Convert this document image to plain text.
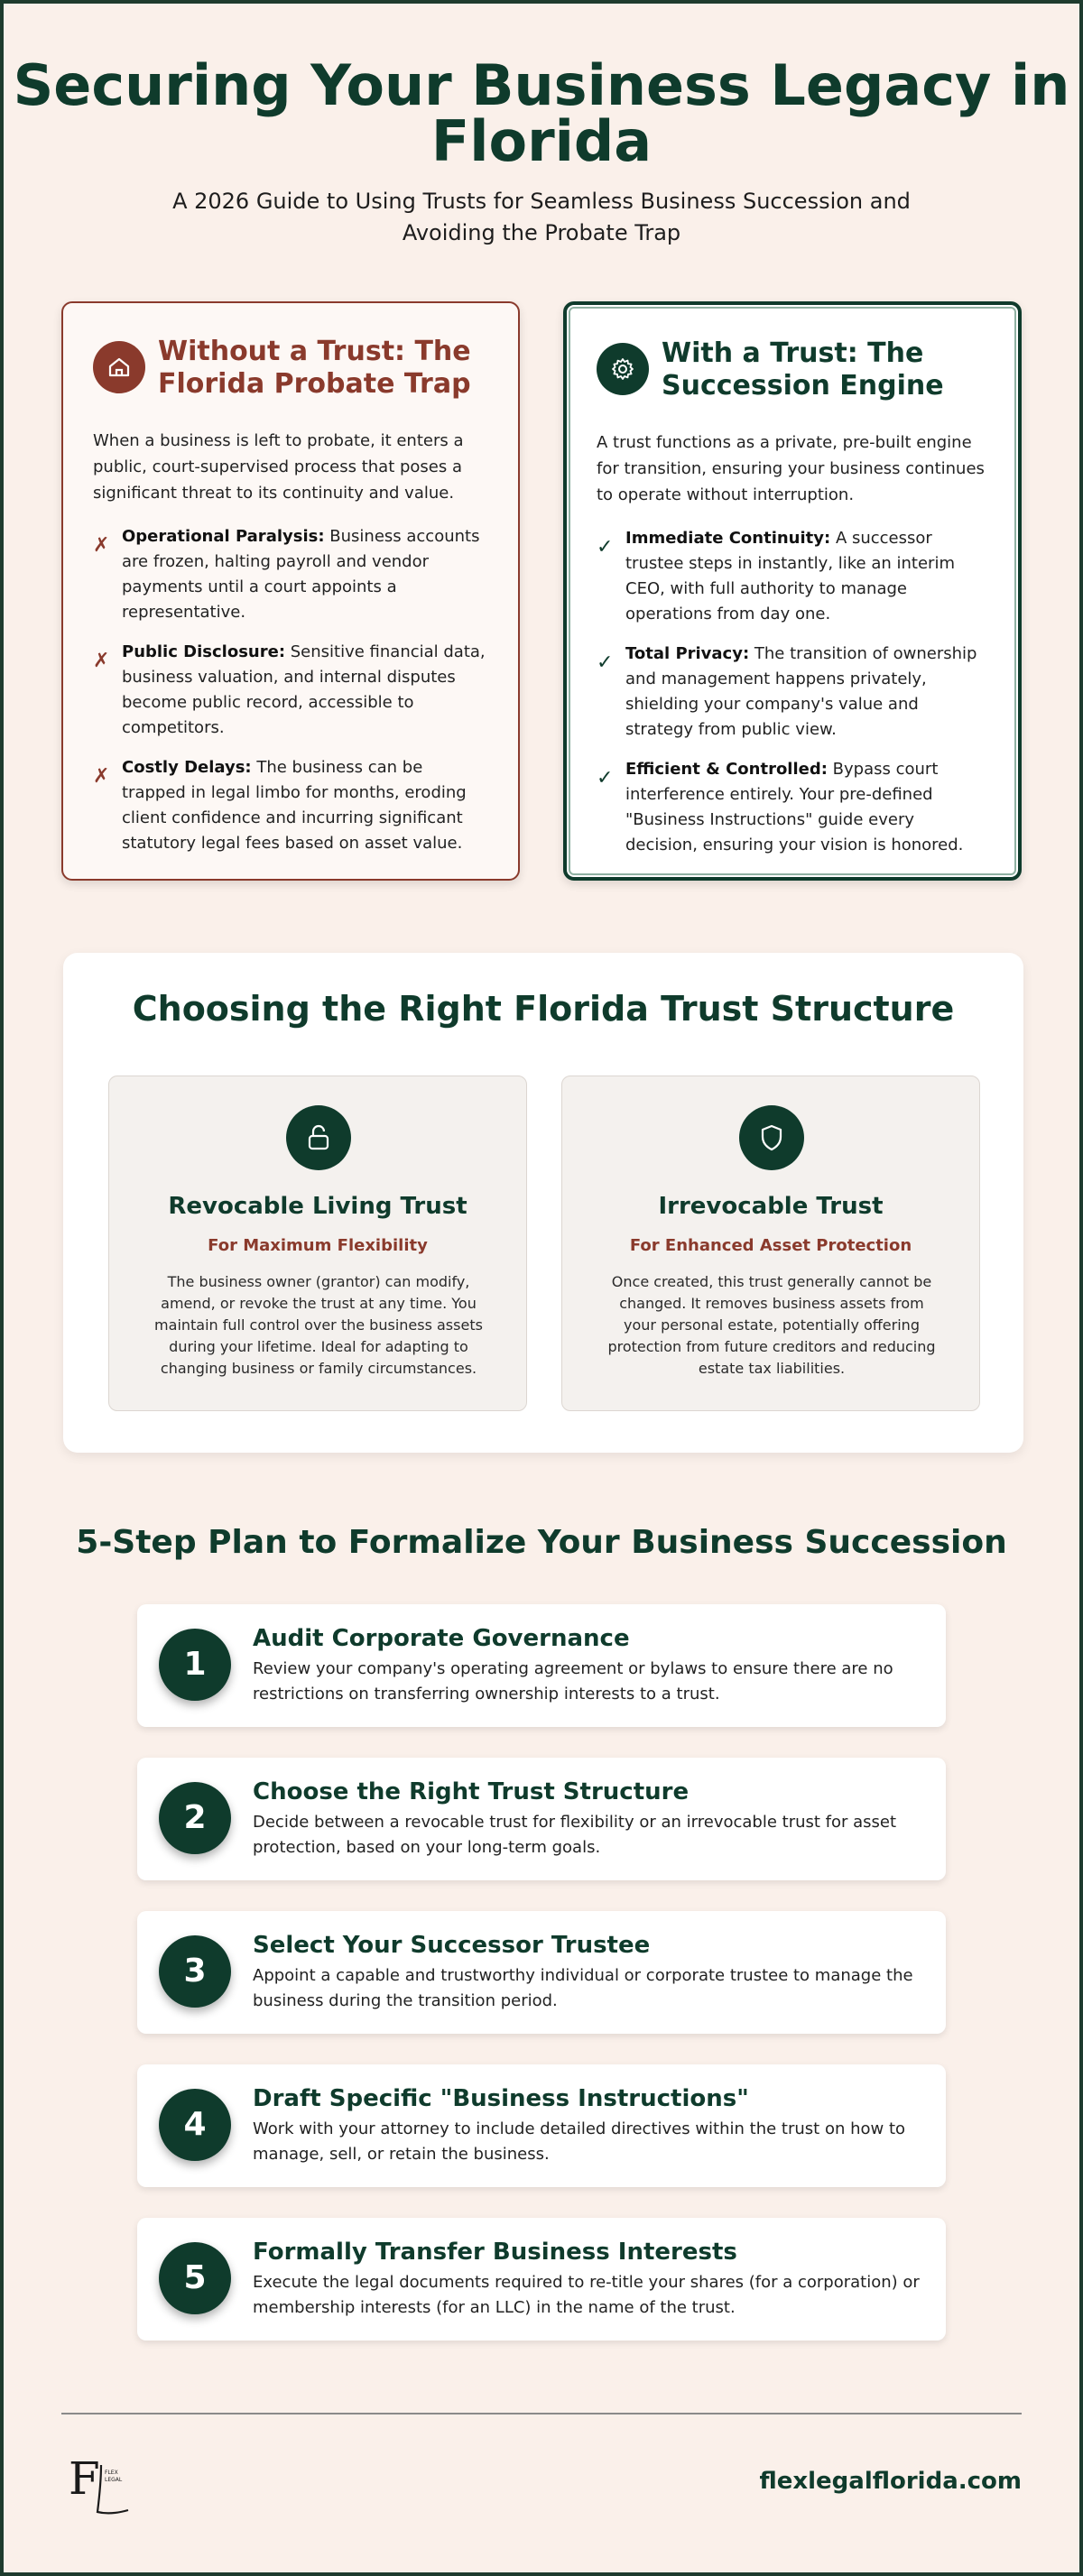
Securing Your Business Legacy in Florida

A 2026 Guide to Using Trusts for Seamless Business Succession and Avoiding the Probate Trap

Without a Trust: The Florida Probate Trap

When a business is left to probate, it enters a public, court-supervised process that poses a significant threat to its continuity and value.

✗ Operational Paralysis: Business accounts are frozen, halting payroll and vendor payments until a court appoints a representative.
✗ Public Disclosure: Sensitive financial data, business valuation, and internal disputes become public record, accessible to competitors.
✗ Costly Delays: The business can be trapped in legal limbo for months, eroding client confidence and incurring significant statutory legal fees based on asset value.
With a Trust: The Succession Engine

A trust functions as a private, pre-built engine for transition, ensuring your business continues to operate without interruption.

✓ Immediate Continuity: A successor trustee steps in instantly, like an interim CEO, with full authority to manage operations from day one.
✓ Total Privacy: The transition of ownership and management happens privately, shielding your company's value and strategy from public view.
✓ Efficient & Controlled: Bypass court interference entirely. Your pre-defined "Business Instructions" guide every decision, ensuring your vision is honored.
Choosing the Right Florida Trust Structure
Revocable Living Trust

For Maximum Flexibility

The business owner (grantor) can modify, amend, or revoke the trust at any time. You maintain full control over the business assets during your lifetime. Ideal for adapting to changing business or family circumstances.

Irrevocable Trust

For Enhanced Asset Protection

Once created, this trust generally cannot be changed. It removes business assets from your personal estate, potentially offering protection from future creditors and reducing estate tax liabilities.

5-Step Plan to Formalize Your Business Succession
1
Audit Corporate Governance

Review your company's operating agreement or bylaws to ensure there are no restrictions on transferring ownership interests to a trust.

2
Choose the Right Trust Structure

Decide between a revocable trust for flexibility or an irrevocable trust for asset protection, based on your long-term goals.

3
Select Your Successor Trustee

Appoint a capable and trustworthy individual or corporate trustee to manage the business during the transition period.

4
Draft Specific "Business Instructions"

Work with your attorney to include detailed directives within the trust on how to manage, sell, or retain the business.

5
Formally Transfer Business Interests

Execute the legal documents required to re-title your shares (for a corporation) or membership interests (for an LLC) in the name of the trust.

F FLEX
LEGAL	flexlegalflorida.com
